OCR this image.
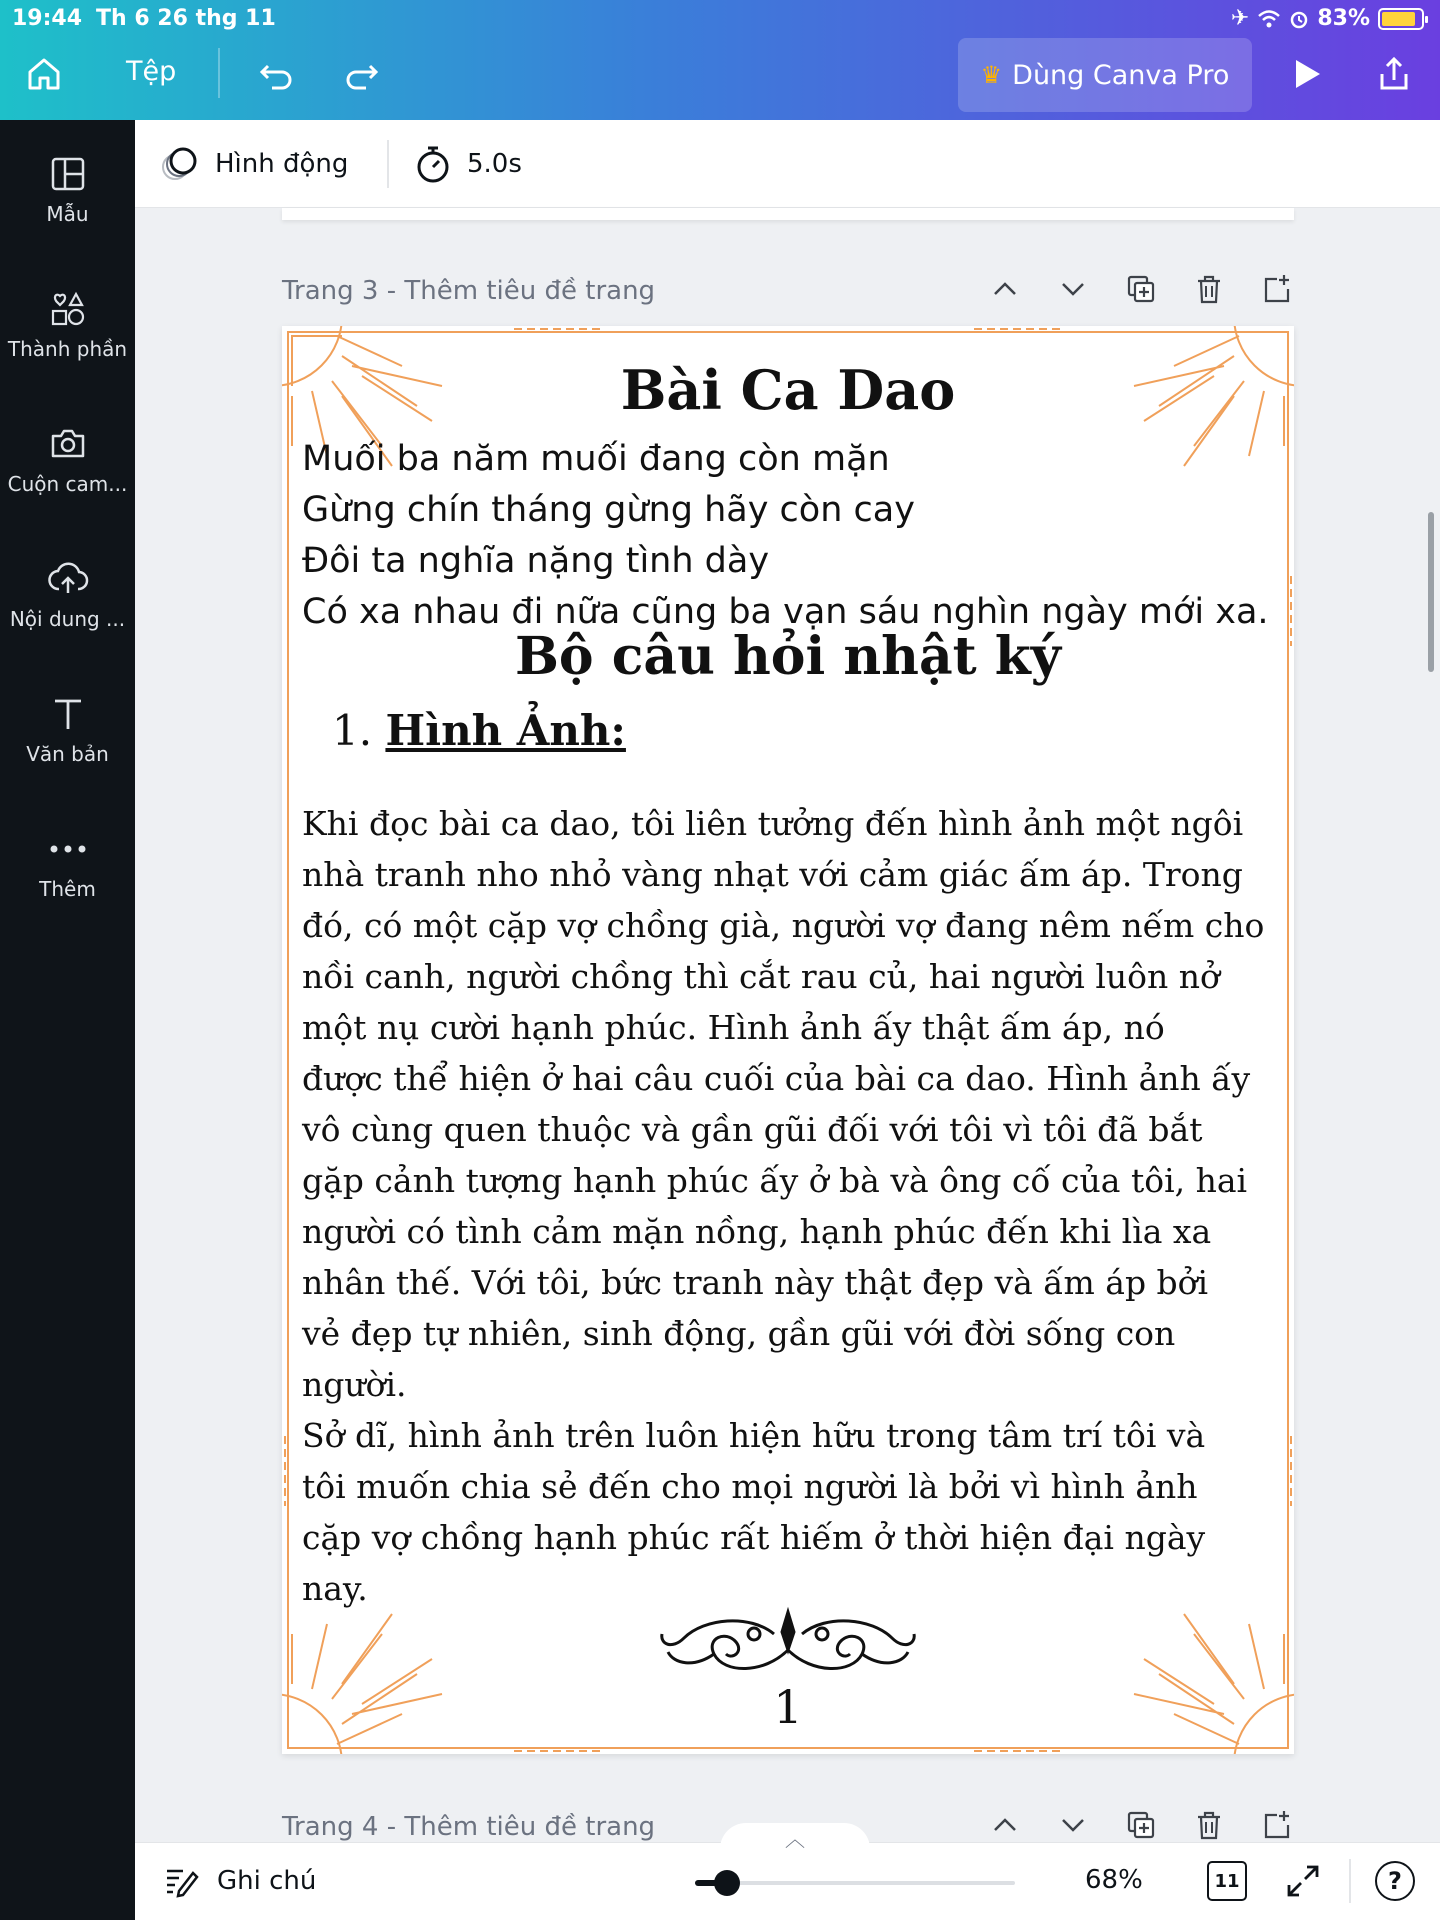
19:44 Th 6 26 thg 11	✈	83%
Tệp	♛ Dùng Canva Pro
Mẫu
Thành phần
Cuộn cam...
Nội dung ...
Văn bản
Thêm
Hình động	5.0s
Trang 3 - Thêm tiêu đề trang
Bài Ca Dao
Muối ba năm muối đang còn mặn
Gừng chín tháng gừng hãy còn cay
Đôi ta nghĩa nặng tình dày
Có xa nhau đi nữa cũng ba vạn sáu nghìn ngày mới xa.
Bộ câu hỏi nhật ký
1. Hình Ảnh:

Khi đọc bài ca dao, tôi liên tưởng đến hình ảnh một ngôi

nhà tranh nho nhỏ vàng nhạt với cảm giác ấm áp. Trong

đó, có một cặp vợ chồng già, người vợ đang nêm nếm cho

nồi canh, người chồng thì cắt rau củ, hai người luôn nở

một nụ cười hạnh phúc. Hình ảnh ấy thật ấm áp, nó

được thể hiện ở hai câu cuối của bài ca dao. Hình ảnh ấy

vô cùng quen thuộc và gần gũi đối với tôi vì tôi đã bắt

gặp cảnh tượng hạnh phúc ấy ở bà và ông cố của tôi, hai

người có tình cảm mặn nồng, hạnh phúc đến khi lìa xa

nhân thế. Với tôi, bức tranh này thật đẹp và ấm áp bởi

vẻ đẹp tự nhiên, sinh động, gần gũi với đời sống con

người.

Sở dĩ, hình ảnh trên luôn hiện hữu trong tâm trí tôi và

tôi muốn chia sẻ đến cho mọi người là bởi vì hình ảnh

cặp vợ chồng hạnh phúc rất hiếm ở thời hiện đại ngày

nay.

1
Trang 4 - Thêm tiêu đề trang	︿
Ghi chú	68%	11	?
